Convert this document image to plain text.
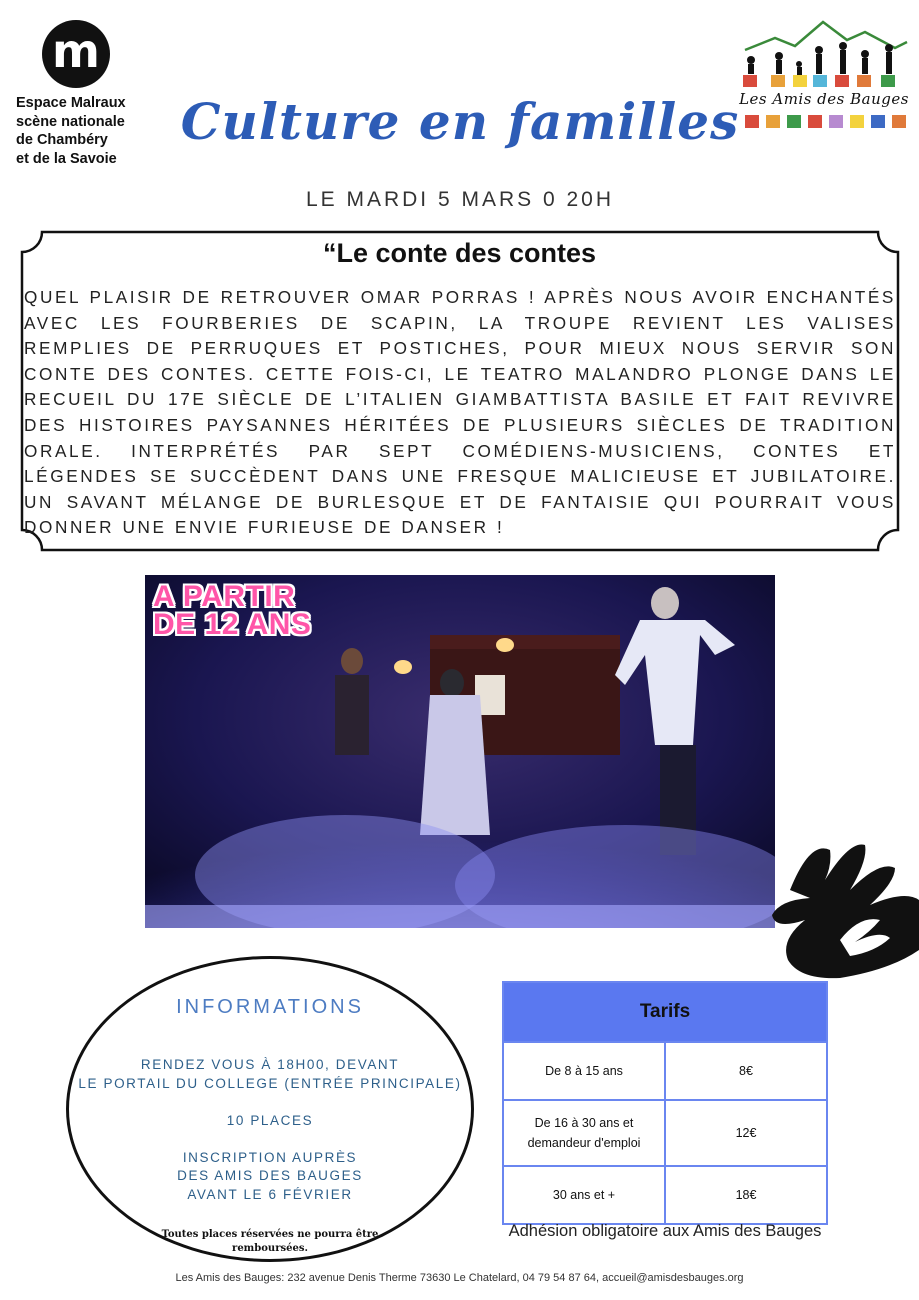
m
Espace Malraux
scène nationale
de Chambéry
et de la Savoie
Les Amis des Bauges
Culture en familles
LE MARDI 5 MARS 0 20H
“Le conte des contes
QUEL PLAISIR DE RETROUVER OMAR PORRAS ! APRÈS NOUS AVOIR ENCHANTÉS AVEC LES FOURBERIES DE SCAPIN, LA TROUPE REVIENT LES VALISES REMPLIES DE PERRUQUES ET POSTICHES, POUR MIEUX NOUS SERVIR SON CONTE DES CONTES. CETTE FOIS-CI, LE TEATRO MALANDRO PLONGE DANS LE RECUEIL DU 17E SIÈCLE DE L’ITALIEN GIAMBATTISTA BASILE ET FAIT REVIVRE DES HISTOIRES PAYSANNES HÉRITÉES DE PLUSIEURS SIÈCLES DE TRADITION ORALE. INTERPRÉTÉS PAR SEPT COMÉDIENS-MUSICIENS, CONTES ET LÉGENDES SE SUCCÈDENT DANS UNE FRESQUE MALICIEUSE ET JUBILATOIRE. UN SAVANT MÉLANGE DE BURLESQUE ET DE FANTAISIE QUI POURRAIT VOUS DONNER UNE ENVIE FURIEUSE DE DANSER !
A PARTIR
DE 12 ANS
INFORMATIONS

RENDEZ VOUS À 18H00, DEVANT
LE PORTAIL DU COLLEGE (ENTRÉE PRINCIPALE)

10 PLACES

INSCRIPTION AUPRÈS
DES AMIS DES BAUGES
AVANT LE 6 FÉVRIER

Toutes places réservées ne pourra être remboursées.
Tarifs	
De 8 à 15 ans	8€
De 16 à 30 ans et
demandeur d'emploi	12€
30 ans et +	18€
Adhésion obligatoire aux Amis des Bauges
Les Amis des Bauges: 232 avenue Denis Therme 73630 Le Chatelard, 04 79 54 87 64, accueil@amisdesbauges.org
